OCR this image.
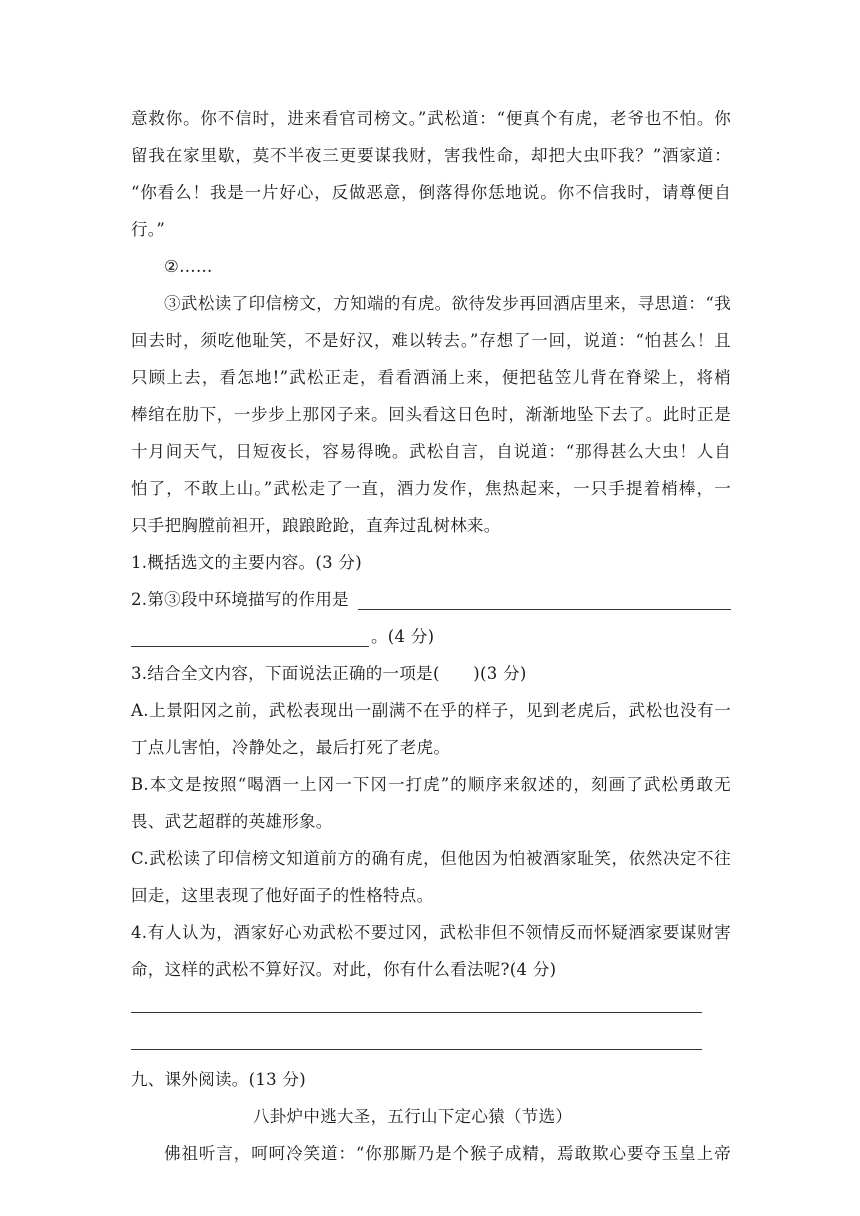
意救你。你不信时，进来看官司榜文。”武松道：“便真个有虎，老爷也不怕。你
留我在家里歇，莫不半夜三更要谋我财，害我性命，却把大虫吓我？”酒家道：
“你看么！我是一片好心，反做恶意，倒落得你恁地说。你不信我时，请尊便自
行。”
②……
③武松读了印信榜文，方知端的有虎。欲待发步再回酒店里来，寻思道：“我
回去时，须吃他耻笑，不是好汉，难以转去。”存想了一回，说道：“怕甚么！且
只顾上去，看怎地!”武松正走，看看酒涌上来，便把毡笠儿背在脊梁上，将梢
棒绾在肋下，一步步上那冈子来。回头看这日色时，渐渐地坠下去了。此时正是
十月间天气，日短夜长，容易得晚。武松自言，自说道：“那得甚么大虫！人自
怕了，不敢上山。”武松走了一直，酒力发作，焦热起来，一只手提着梢棒，一
只手把胸膛前袒开，踉踉跄跄，直奔过乱树林来。
1.概括选文的主要内容。(3 分)
2.第③段中环境描写的作用是
。(4 分)
3.结合全文内容，下面说法正确的一项是(　　)(3 分)
A.上景阳冈之前，武松表现出一副满不在乎的样子，见到老虎后，武松也没有一
丁点儿害怕，冷静处之，最后打死了老虎。
B.本文是按照“喝酒一上冈一下冈一打虎”的顺序来叙述的，刻画了武松勇敢无
畏、武艺超群的英雄形象。
C.武松读了印信榜文知道前方的确有虎，但他因为怕被酒家耻笑，依然决定不往
回走，这里表现了他好面子的性格特点。
4.有人认为，酒家好心劝武松不要过冈，武松非但不领情反而怀疑酒家要谋财害
命，这样的武松不算好汉。对此，你有什么看法呢?(4 分)
九、课外阅读。(13 分)
八卦炉中逃大圣，五行山下定心猿（节选）
佛祖听言，呵呵冷笑道：“你那厮乃是个猴子成精，焉敢欺心要夺玉皇上帝
